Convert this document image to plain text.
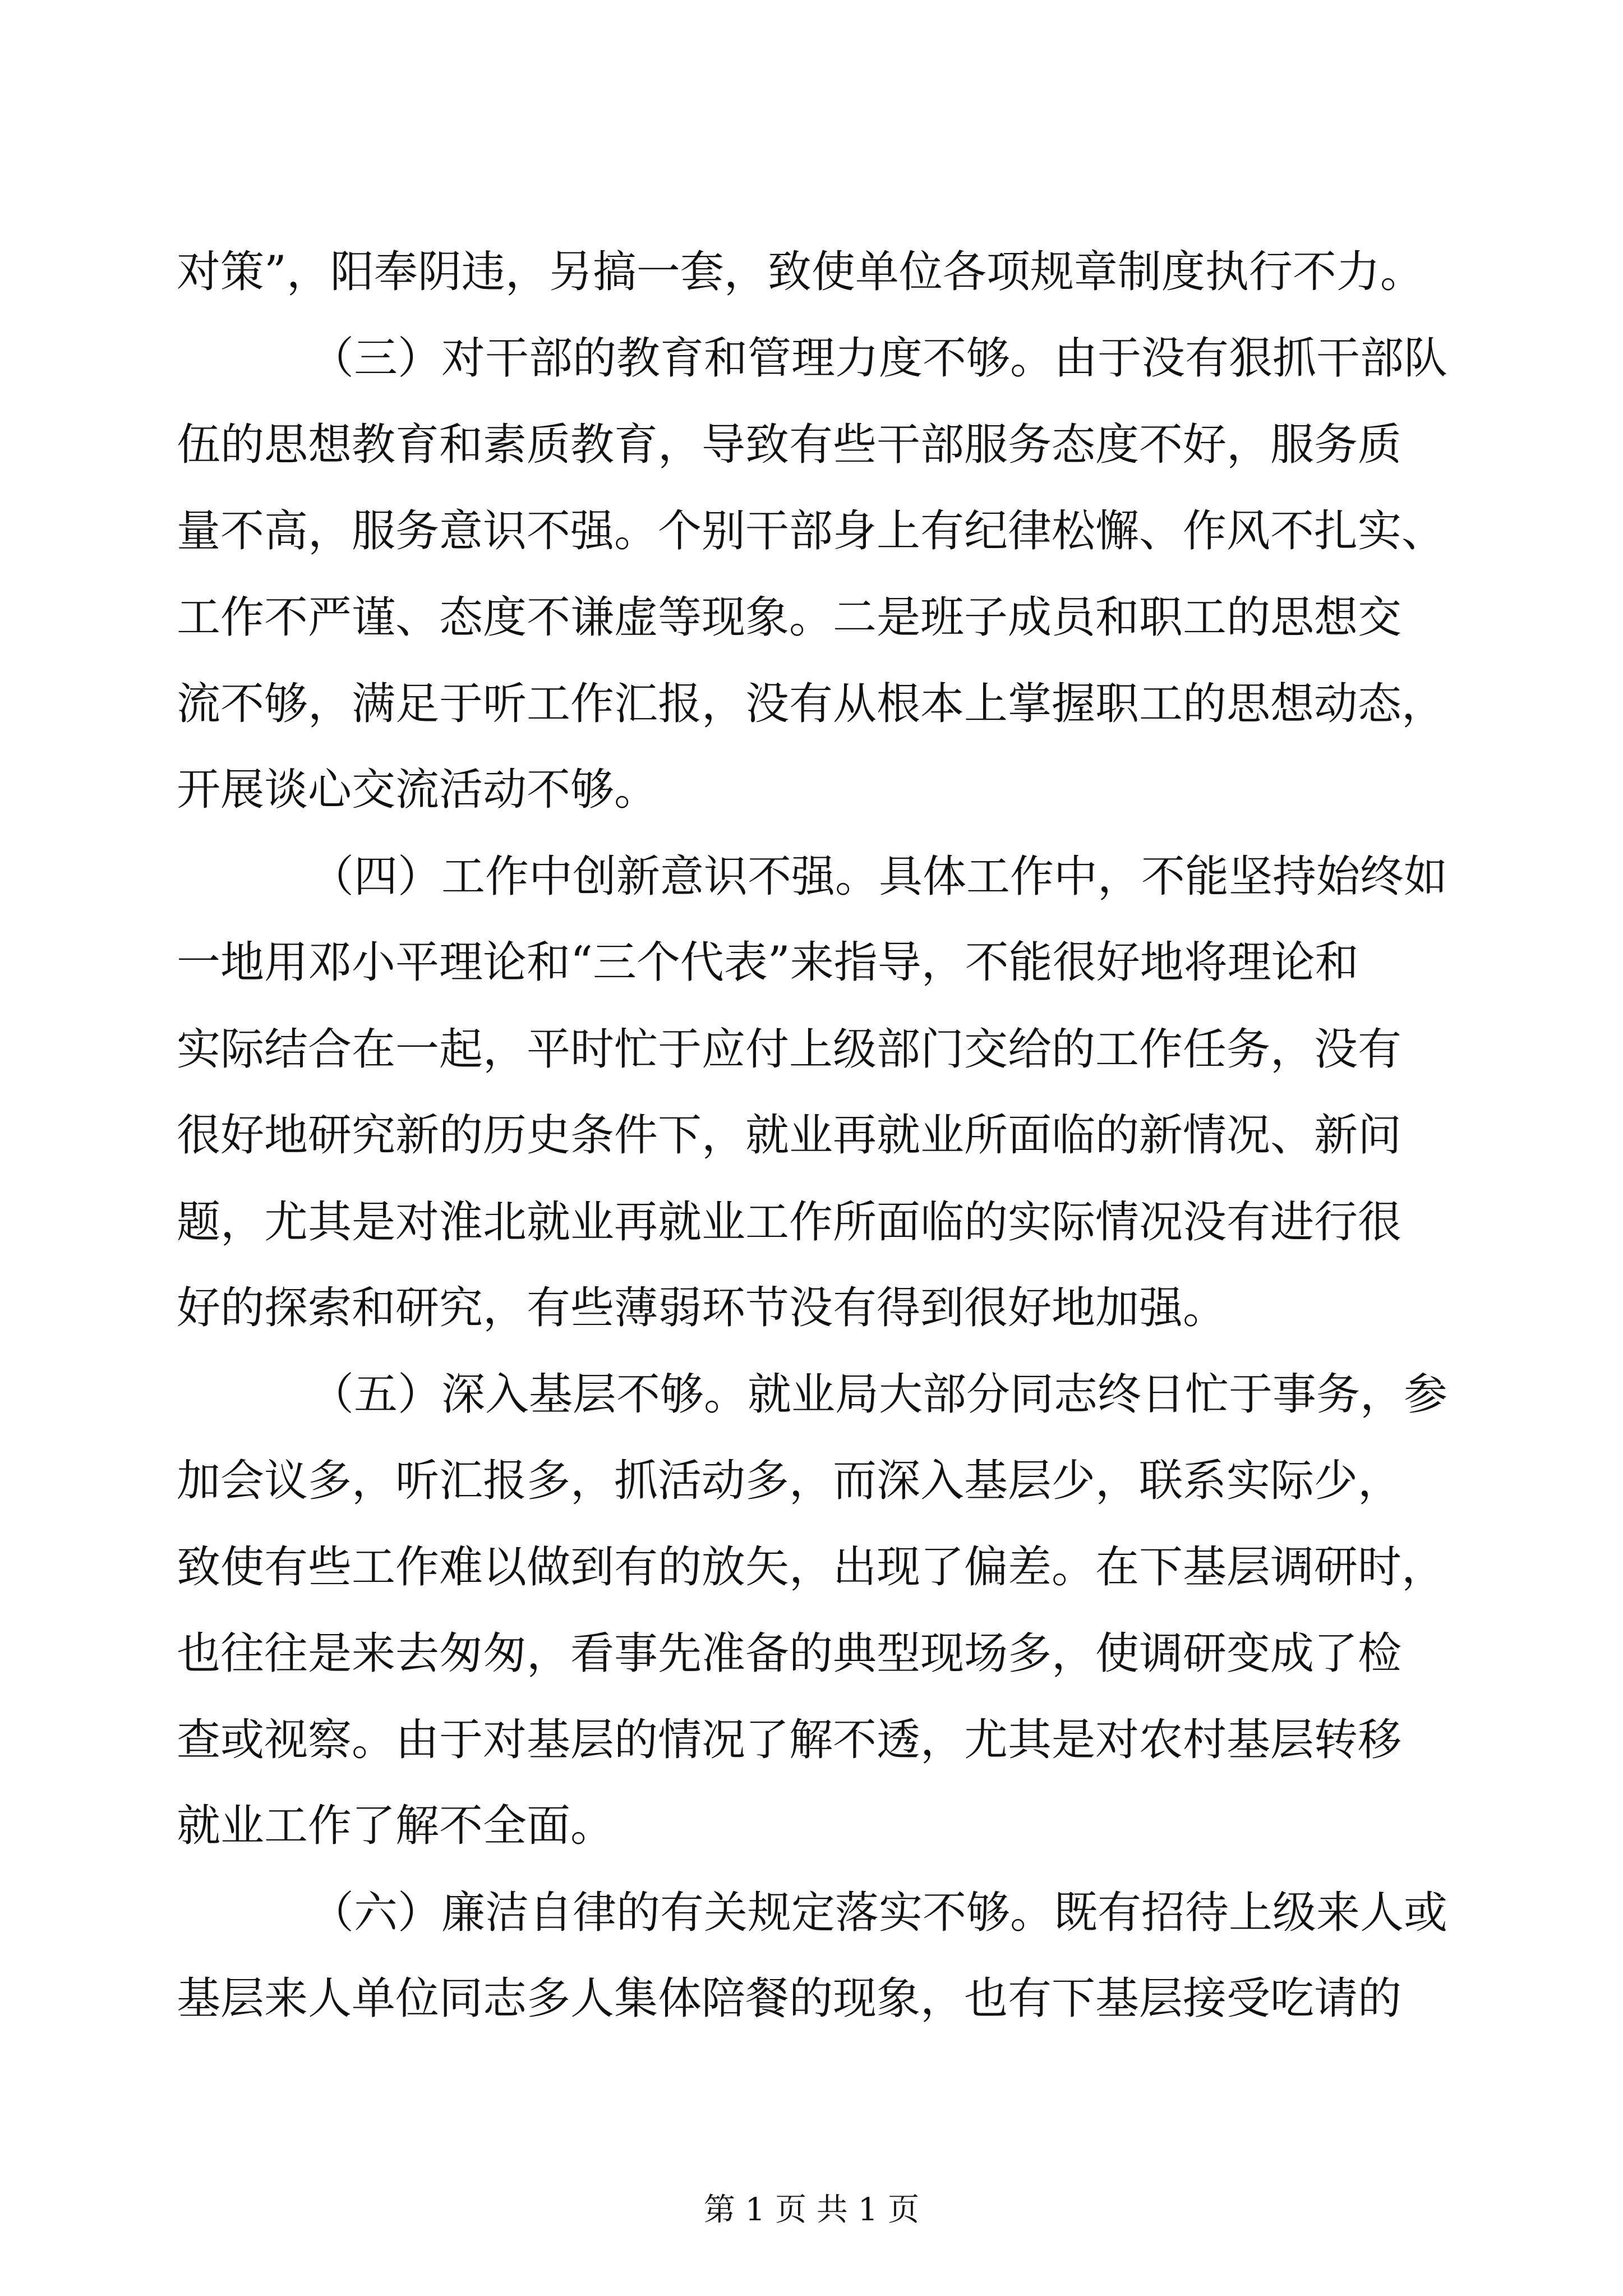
对策”，阳奉阴违，另搞一套，致使单位各项规章制度执行不力。
（三）对干部的教育和管理力度不够。由于没有狠抓干部队
伍的思想教育和素质教育，导致有些干部服务态度不好，服务质
量不高，服务意识不强。个别干部身上有纪律松懈、作风不扎实、
工作不严谨、态度不谦虚等现象。二是班子成员和职工的思想交
流不够，满足于听工作汇报，没有从根本上掌握职工的思想动态，
开展谈心交流活动不够。
（四）工作中创新意识不强。具体工作中，不能坚持始终如
一地用邓小平理论和“三个代表”来指导，不能很好地将理论和
实际结合在一起，平时忙于应付上级部门交给的工作任务，没有
很好地研究新的历史条件下，就业再就业所面临的新情况、新问
题，尤其是对淮北就业再就业工作所面临的实际情况没有进行很
好的探索和研究，有些薄弱环节没有得到很好地加强。
（五）深入基层不够。就业局大部分同志终日忙于事务，参
加会议多，听汇报多，抓活动多，而深入基层少，联系实际少，
致使有些工作难以做到有的放矢，出现了偏差。在下基层调研时，
也往往是来去匆匆，看事先准备的典型现场多，使调研变成了检
查或视察。由于对基层的情况了解不透，尤其是对农村基层转移
就业工作了解不全面。
（六）廉洁自律的有关规定落实不够。既有招待上级来人或
基层来人单位同志多人集体陪餐的现象，也有下基层接受吃请的
第 1 页 共 1 页
